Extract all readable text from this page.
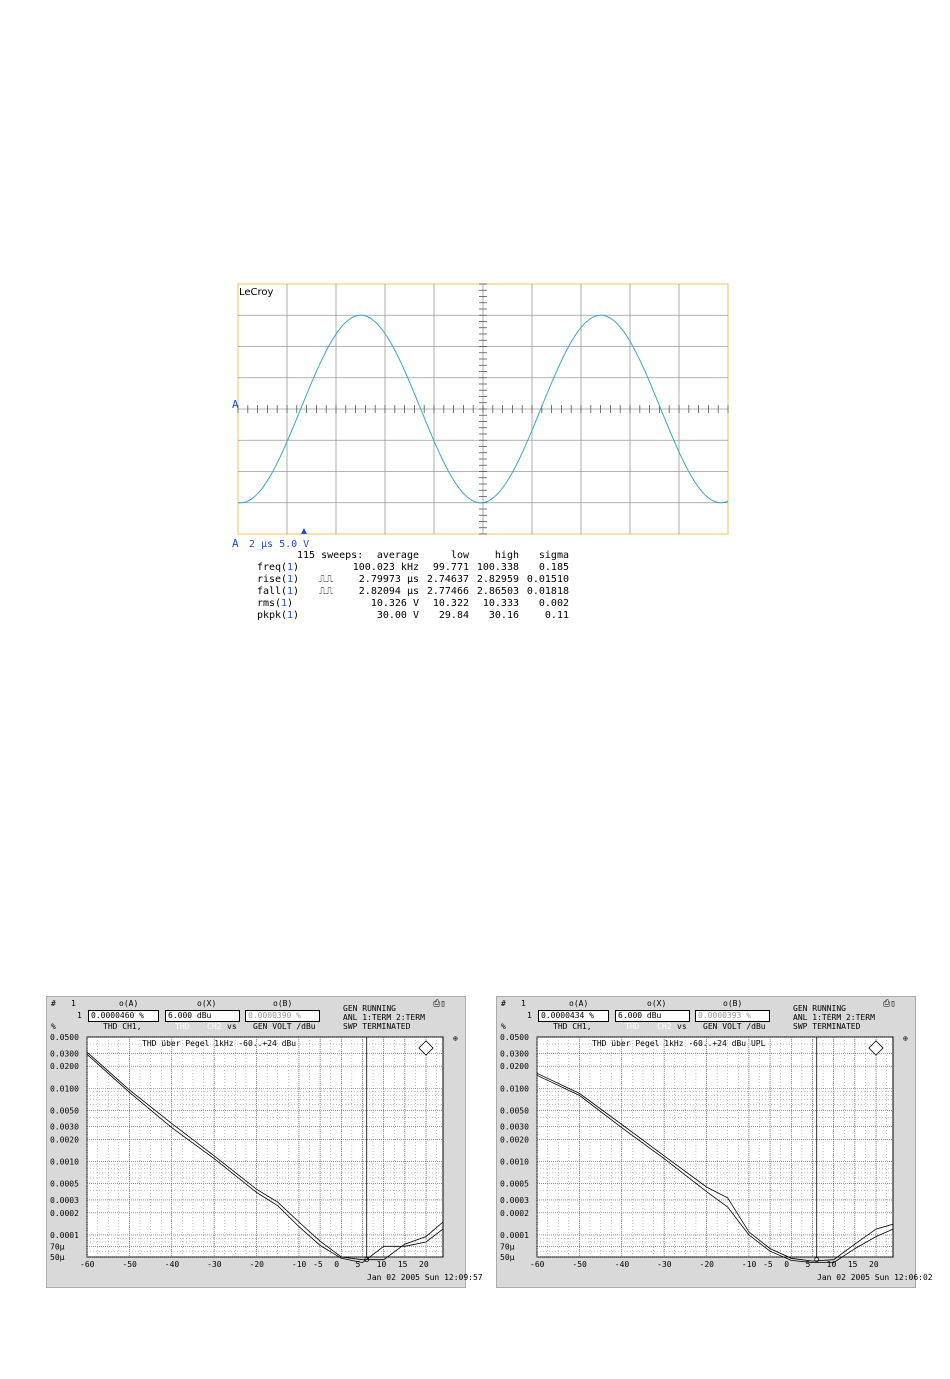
LeCroy
A
A 2 µs 5.0 V
115 sweeps:	average	low	high	sigma
freq ( 1 )	100.023 kHz	99.771 100.338	0.185
rise ( 1 ) ⎍⎍	2.79973 µs 2.74637 2.82959 0.01510
fall ( 1 ) ⎍⎍	2.82094 µs 2.77466 2.86503 0.01818
rms ( 1 )	10.326 V	10.322	10.333	0.002
pkpk ( 1 )	30.00 V	29.84	30.16	0.11
# 1	o(A)	o(X)	o(B)
GEN RUNNING	⎙▯
1	0.0000460 %	6.000 dBu	0.0000390 %	ANL 1:TERM 2:TERM
%	THD CH1,	THD CH2 vs GEN VOLT /dBu	SWP TERMINATED
⊕
Jan 02 2005 Sun 12:09:57
0.0500
0.0300
0.0200
0.0100
0.0050
0.0030
0.0020
0.0010
0.0005
0.0003
0.0002
0.0001
70µ
50µ
-60	-50	-40	-30	-20	-10 -5 0 5 10 15 20
THD über Pegel 1kHz -60..+24 dBu
# 1	o(A)	o(X)	o(B)
GEN RUNNING	⎙▯
1	0.0000434 %	6.000 dBu	0.0000393 %	ANL 1:TERM 2:TERM
%	THD CH1,	THD CH2 vs GEN VOLT /dBu	SWP TERMINATED
⊕
Jan 02 2005 Sun 12:06:02
0.0500
0.0300
0.0200
0.0100
0.0050
0.0030
0.0020
0.0010
0.0005
0.0003
0.0002
0.0001
70µ
50µ
-60	-50	-40	-30	-20	-10 -5 0 5 10 15 20
THD über Pegel 1kHz -60..+24 dBu UPL
